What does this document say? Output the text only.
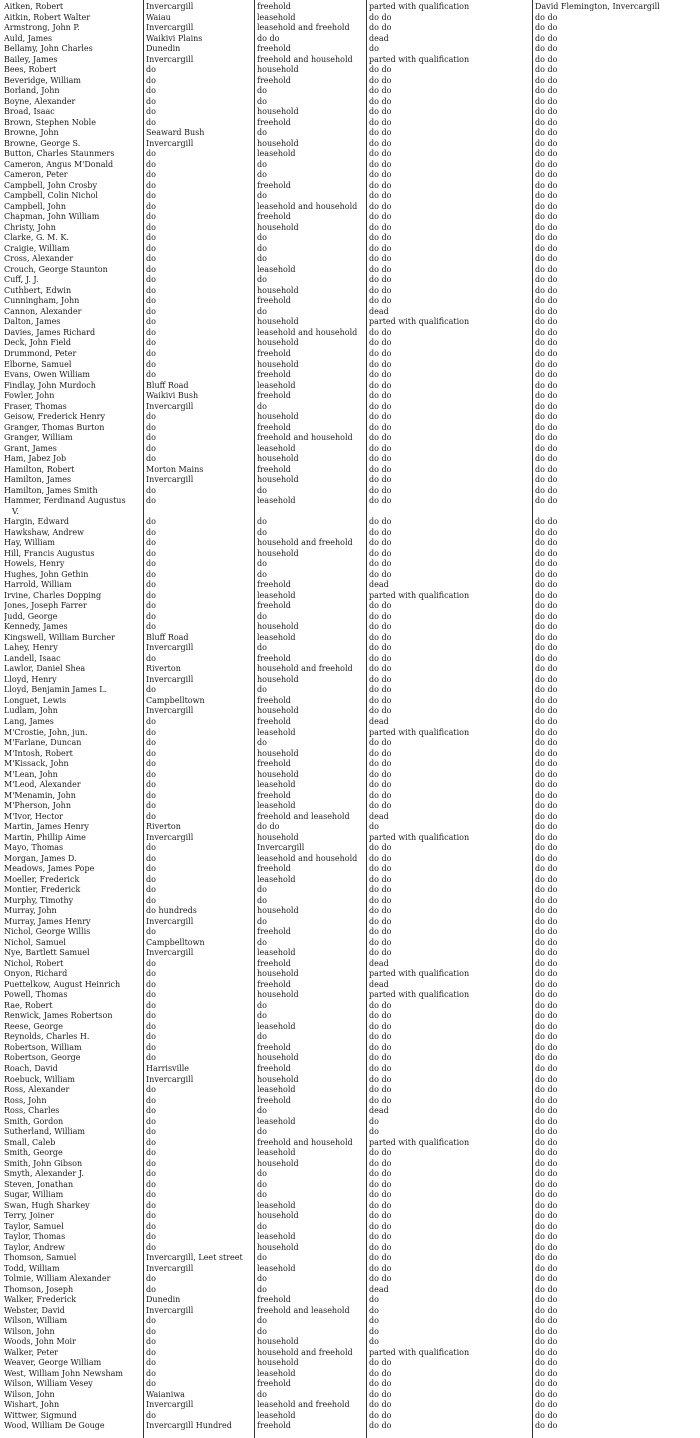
Aitken, Robert	Invercargill	freehold	parted with qualification	David Flemington, Invercargill
Aitkin, Robert Walter	Waiau	leasehold	do do	do do
Armstrong, John P.	Invercargill	leasehold and freehold	do do	do do
Auld, James	Waikivi Plains	do do	dead	do do
Bellamy, John Charles	Dunedin	freehold	do	do do
Bailey, James	Invercargill	freehold and household	parted with qualification	do do
Bees, Robert	do	household	do do	do do
Beveridge, William	do	freehold	do do	do do
Borland, John	do	do	do do	do do
Boyne, Alexander	do	do	do do	do do
Broad, Isaac	do	household	do do	do do
Brown, Stephen Noble	do	freehold	do do	do do
Browne, John	Seaward Bush	do	do do	do do
Browne, George S.	Invercargill	household	do do	do do
Button, Charles Staunmers	do	leasehold	do do	do do
Cameron, Angus M'Donald	do	do	do do	do do
Cameron, Peter	do	do	do do	do do
Campbell, John Crosby	do	freehold	do do	do do
Campbell, Colin Nichol	do	do	do do	do do
Campbell, John	do	leasehold and household	do do	do do
Chapman, John William	do	freehold	do do	do do
Christy, John	do	household	do do	do do
Clarke, G. M. K.	do	do	do do	do do
Craigie, William	do	do	do do	do do
Cross, Alexander	do	do	do do	do do
Crouch, George Staunton	do	leasehold	do do	do do
Cuff, J. J.	do	do	do do	do do
Cuthbert, Edwin	do	household	do do	do do
Cunningham, John	do	freehold	do do	do do
Cannon, Alexander	do	do	dead	do do
Dalton, James	do	household	parted with qualification	do do
Davies, James Richard	do	leasehold and household	do do	do do
Deck, John Field	do	household	do do	do do
Drummond, Peter	do	freehold	do do	do do
Elborne, Samuel	do	household	do do	do do
Evans, Owen William	do	freehold	do do	do do
Findlay, John Murdoch	Bluff Road	leasehold	do do	do do
Fowler, John	Waikivi Bush	freehold	do do	do do
Fraser, Thomas	Invercargill	do	do do	do do
Geisow, Frederick Henry	do	household	do do	do do
Granger, Thomas Burton	do	freehold	do do	do do
Granger, William	do	freehold and household	do do	do do
Grant, James	do	leasehold	do do	do do
Ham, Jabez Job	do	household	do do	do do
Hamilton, Robert	Morton Mains	freehold	do do	do do
Hamilton, James	Invercargill	household	do do	do do
Hamilton, James Smith	do	do	do do	do do
Hammer, Ferdinand Augustus	do	leasehold	do do	do do
V.
Hargin, Edward	do	do	do do	do do
Hawkshaw, Andrew	do	do	do do	do do
Hay, William	do	household and freehold	do do	do do
Hill, Francis Augustus	do	household	do do	do do
Howels, Henry	do	do	do do	do do
Hughes, John Gethin	do	do	do do	do do
Harrold, William	do	freehold	dead	do do
Irvine, Charles Dopping	do	leasehold	parted with qualification	do do
Jones, Joseph Farrer	do	freehold	do do	do do
Judd, George	do	do	do do	do do
Kennedy, James	do	household	do do	do do
Kingswell, William Burcher	Bluff Road	leasehold	do do	do do
Lahey, Henry	Invercargill	do	do do	do do
Landell, Isaac	do	freehold	do do	do do
Lawlor, Daniel Shea	Riverton	household and freehold	do do	do do
Lloyd, Henry	Invercargill	household	do do	do do
Lloyd, Benjamin James L.	do	do	do do	do do
Longuet, Lewis	Campbelltown	freehold	do do	do do
Ludlam, John	Invercargill	household	do do	do do
Lang, James	do	freehold	dead	do do
M'Crostie, John, jun.	do	leasehold	parted with qualification	do do
M'Farlane, Duncan	do	do	do do	do do
M'Intosh, Robert	do	household	do do	do do
M'Kissack, John	do	freehold	do do	do do
M'Lean, John	do	household	do do	do do
M'Leod, Alexander	do	leasehold	do do	do do
M'Menamin, John	do	freehold	do do	do do
M'Pherson, John	do	leasehold	do do	do do
M'Ivor, Hector	do	freehold and leasehold	dead	do do
Martin, James Henry	Riverton	do do	do	do do
Martin, Phillip Aime	Invercargill	household	parted with qualification	do do
Mayo, Thomas	do	Invercargill	do do	do do
Morgan, James D.	do	leasehold and household	do do	do do
Meadows, James Pope	do	freehold	do do	do do
Moeller, Frederick	do	leasehold	do do	do do
Montier, Frederick	do	do	do do	do do
Murphy, Timothy	do	do	do do	do do
Murray, John	do hundreds	household	do do	do do
Murray, James Henry	Invercargill	do	do do	do do
Nichol, George Willis	do	freehold	do do	do do
Nichol, Samuel	Campbelltown	do	do do	do do
Nye, Bartlett Samuel	Invercargill	leasehold	do do	do do
Nichol, Robert	do	freehold	dead	do do
Onyon, Richard	do	household	parted with qualification	do do
Puettelkow, August Heinrich	do	freehold	dead	do do
Powell, Thomas	do	household	parted with qualification	do do
Rae, Robert	do	do	do do	do do
Renwick, James Robertson	do	do	do do	do do
Reese, George	do	leasehold	do do	do do
Reynolds, Charles H.	do	do	do do	do do
Robertson, William	do	freehold	do do	do do
Robertson, George	do	household	do do	do do
Roach, David	Harrisville	freehold	do do	do do
Roebuck, William	Invercargill	household	do do	do do
Ross, Alexander	do	leasehold	do do	do do
Ross, John	do	freehold	do do	do do
Ross, Charles	do	do	dead	do do
Smith, Gordon	do	leasehold	do	do do
Sutherland, William	do	do	do	do do
Small, Caleb	do	freehold and household	parted with qualification	do do
Smith, George	do	leasehold	do do	do do
Smith, John Gibson	do	household	do do	do do
Smyth, Alexander J.	do	do	do do	do do
Steven, Jonathan	do	do	do do	do do
Sugar, William	do	do	do do	do do
Swan, Hugh Sharkey	do	leasehold	do do	do do
Terry, Joiner	do	household	do do	do do
Taylor, Samuel	do	do	do do	do do
Taylor, Thomas	do	leasehold	do do	do do
Taylor, Andrew	do	household	do do	do do
Thomson, Samuel	Invercargill, Leet street	do	do do	do do
Todd, William	Invercargill	leasehold	do do	do do
Tolmie, William Alexander	do	do	do do	do do
Thomson, Joseph	do	do	dead	do do
Walker, Frederick	Dunedin	freehold	do	do do
Webster, David	Invercargill	freehold and leasehold	do	do do
Wilson, William	do	do	do	do do
Wilson, John	do	do	do	do do
Woods, John Moir	do	household	do	do do
Walker, Peter	do	household and freehold	parted with qualification	do do
Weaver, George William	do	household	do do	do do
West, William John Newsham	do	leasehold	do do	do do
Wilson, William Vesey	do	freehold	do do	do do
Wilson, John	Waianiwa	do	do do	do do
Wishart, John	Invercargill	leasehold and freehold	do do	do do
Wittwer, Sigmund	do	leasehold	do do	do do
Wood, William De Gouge	Invercargill Hundred	freehold	do do	do do
